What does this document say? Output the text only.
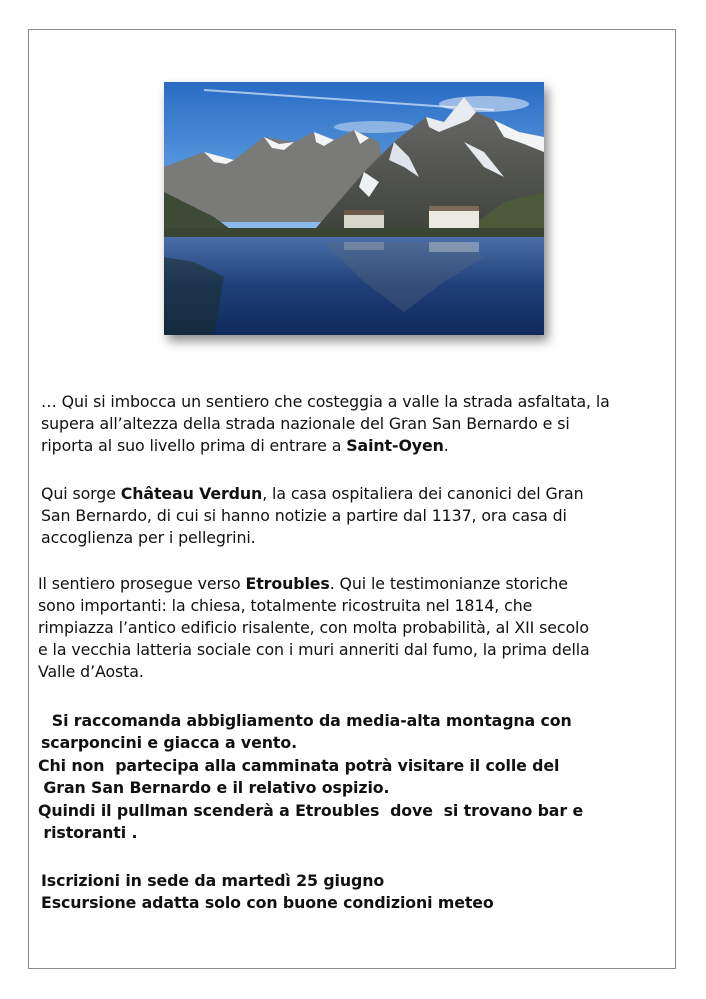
… Qui si imbocca un sentiero che costeggia a valle la strada asfaltata, la
supera all’altezza della strada nazionale del Gran San Bernardo e si
riporta al suo livello prima di entrare a Saint-Oyen.

Qui sorge Château Verdun, la casa ospitaliera dei canonici del Gran
San Bernardo, di cui si hanno notizie a partire dal 1137, ora casa di
accoglienza per i pellegrini.

Il sentiero prosegue verso Etroubles. Qui le testimonianze storiche
sono importanti: la chiesa, totalmente ricostruita nel 1814, che
rimpiazza l’antico edificio risalente, con molta probabilità, al XII secolo
e la vecchia latteria sociale con i muri anneriti dal fumo, la prima della
Valle d’Aosta.

Si raccomanda abbigliamento da media-alta montagna con
scarponcini e giacca a vento.

Chi non  partecipa alla camminata potrà visitare il colle del
Gran San Bernardo e il relativo ospizio.

Quindi il pullman scenderà a Etroubles  dove  si trovano bar e
ristoranti .

Iscrizioni in sede da martedì 25 giugno

Escursione adatta solo con buone condizioni meteo
